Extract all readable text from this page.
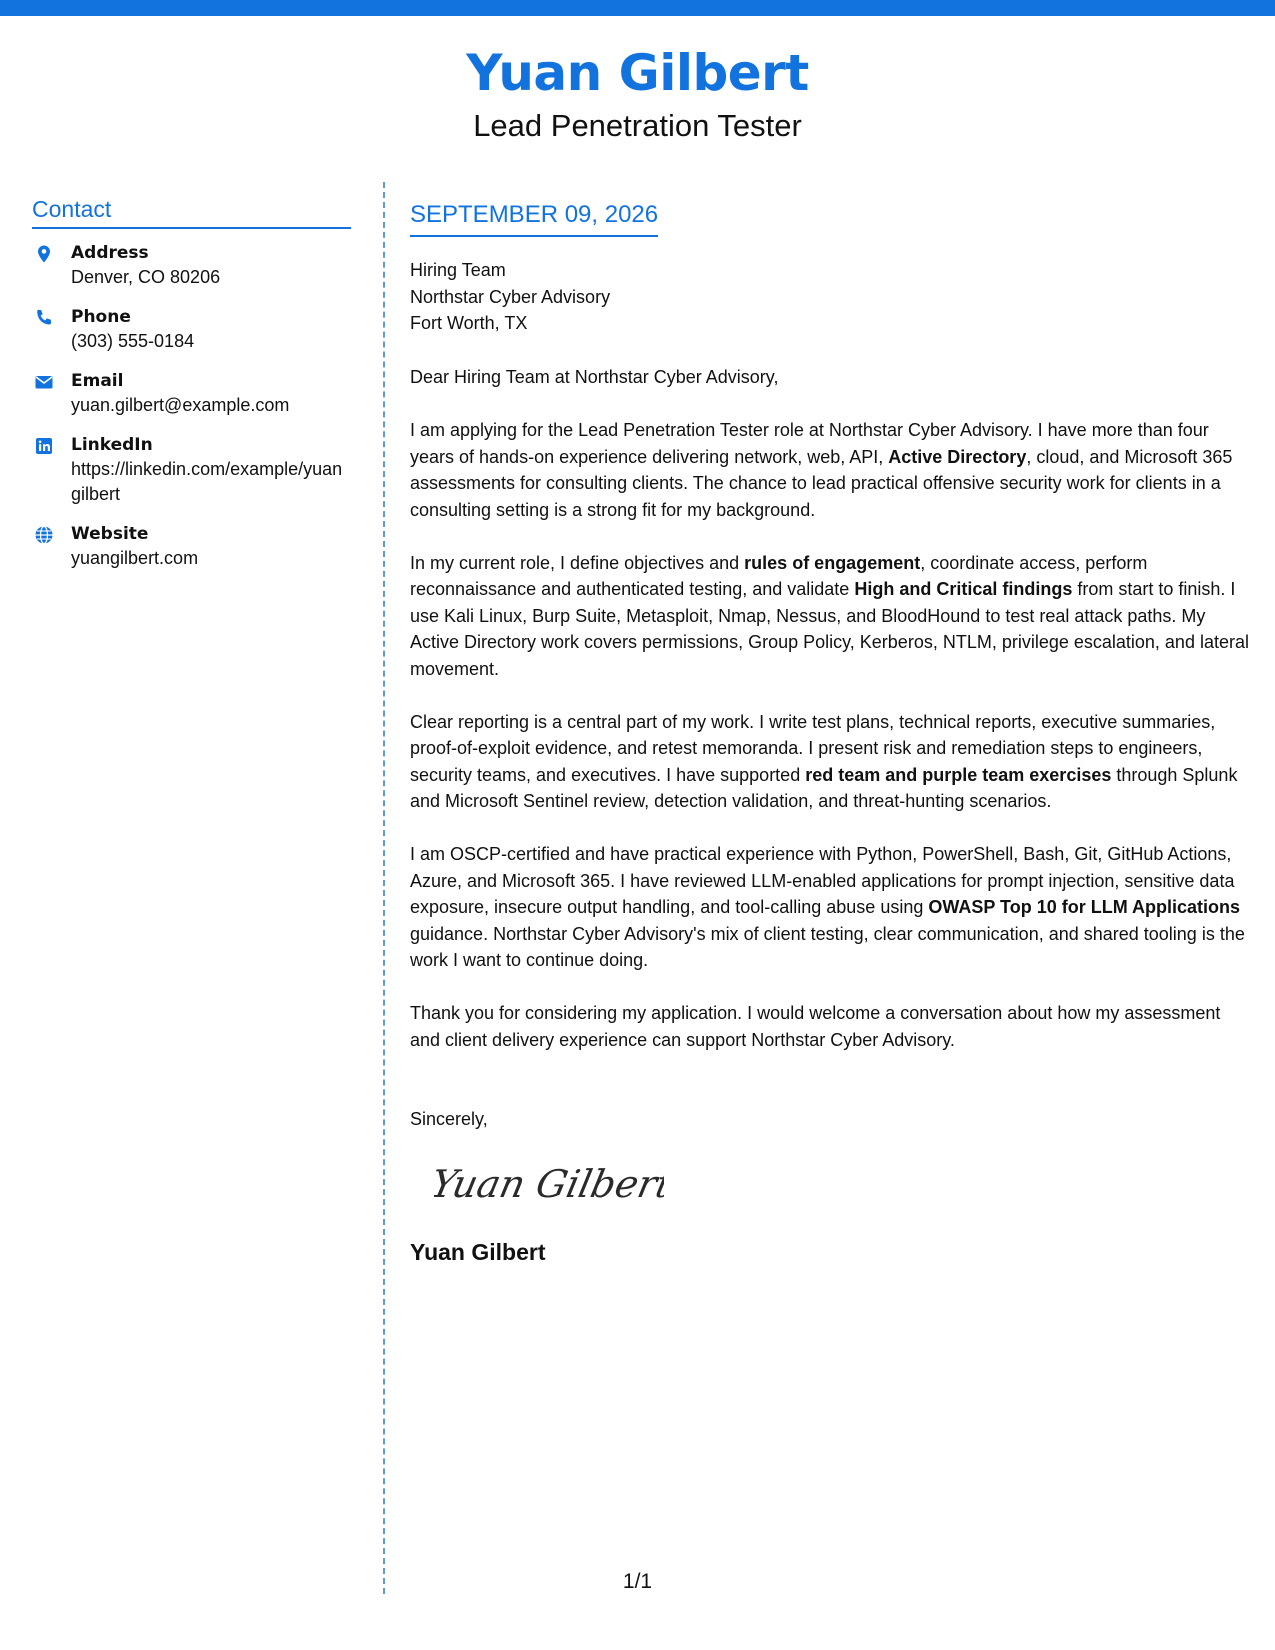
Yuan Gilbert
Lead Penetration Tester
Contact
Address
Denver, CO 80206
Phone
(303) 555-0184
Email
yuan.gilbert@example.com
LinkedIn
https://linkedin.com/example/yuangilbert
Website
yuangilbert.com
SEPTEMBER 09, 2026

Hiring Team

Northstar Cyber Advisory

Fort Worth, TX

Dear Hiring Team at Northstar Cyber Advisory,

I am applying for the Lead Penetration Tester role at Northstar Cyber Advisory. I have more than four years of hands-on experience delivering network, web, API, Active Directory, cloud, and Microsoft 365 assessments for consulting clients. The chance to lead practical offensive security work for clients in a consulting setting is a strong fit for my background.

In my current role, I define objectives and rules of engagement, coordinate access, perform reconnaissance and authenticated testing, and validate High and Critical findings from start to finish. I use Kali Linux, Burp Suite, Metasploit, Nmap, Nessus, and BloodHound to test real attack paths. My Active Directory work covers permissions, Group Policy, Kerberos, NTLM, privilege escalation, and lateral movement.

Clear reporting is a central part of my work. I write test plans, technical reports, executive summaries, proof-of-exploit evidence, and retest memoranda. I present risk and remediation steps to engineers, security teams, and executives. I have supported red team and purple team exercises through Splunk and Microsoft Sentinel review, detection validation, and threat-hunting scenarios.

I am OSCP-certified and have practical experience with Python, PowerShell, Bash, Git, GitHub Actions, Azure, and Microsoft 365. I have reviewed LLM-enabled applications for prompt injection, sensitive data exposure, insecure output handling, and tool-calling abuse using OWASP Top 10 for LLM Applications guidance. Northstar Cyber Advisory's mix of client testing, clear communication, and shared tooling is the work I want to continue doing.

Thank you for considering my application. I would welcome a conversation about how my assessment and client delivery experience can support Northstar Cyber Advisory.

Sincerely,
Yuan Gilbert
Yuan Gilbert
1/1
